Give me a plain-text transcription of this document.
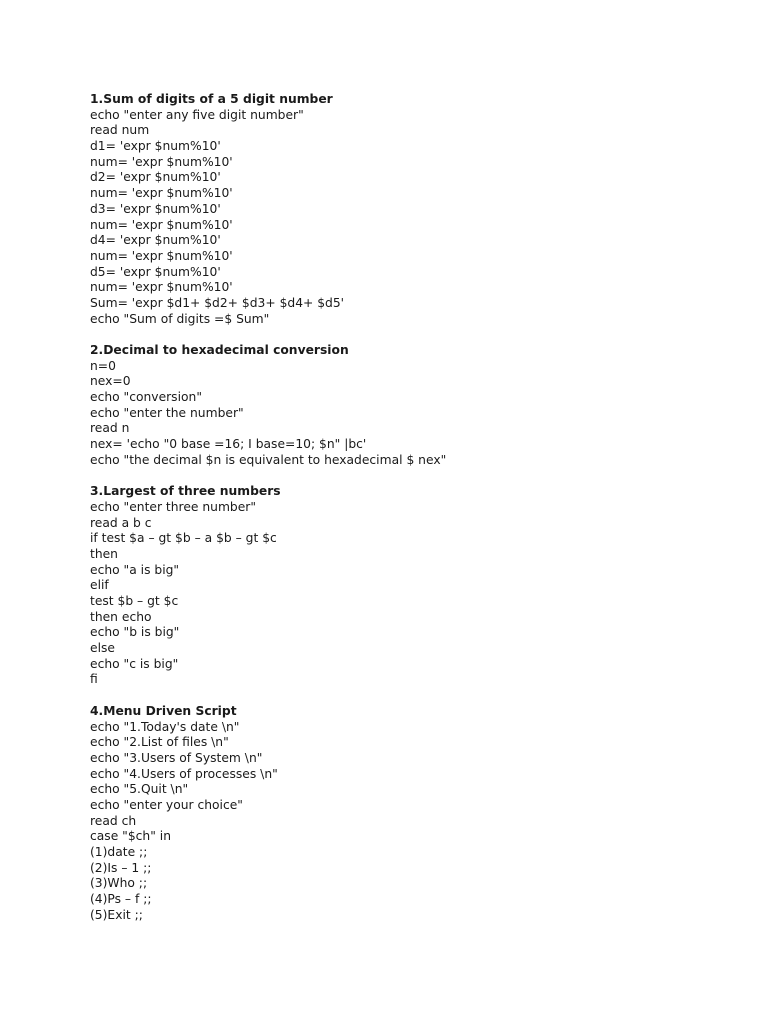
1.Sum of digits of a 5 digit number
echo "enter any five digit number"
read num
d1= 'expr $num%10'
num= 'expr $num%10'
d2= 'expr $num%10'
num= 'expr $num%10'
d3= 'expr $num%10'
num= 'expr $num%10'
d4= 'expr $num%10'
num= 'expr $num%10'
d5= 'expr $num%10'
num= 'expr $num%10'
Sum= 'expr $d1+ $d2+ $d3+ $d4+ $d5'
echo "Sum of digits =$ Sum"
2.Decimal to hexadecimal conversion
n=0
nex=0
echo "conversion"
echo "enter the number"
read n
nex= 'echo "0 base =16; I base=10; $n" |bc'
echo "the decimal $n is equivalent to hexadecimal $ nex"
3.Largest of three numbers
echo "enter three number"
read a b c
if test $a – gt $b – a $b – gt $c
then
echo "a is big"
elif
test $b – gt $c
then echo
echo "b is big"
else
echo "c is big"
fi
4.Menu Driven Script
echo "1.Today's date \n"
echo "2.List of files \n"
echo "3.Users of System \n"
echo "4.Users of processes \n"
echo "5.Quit \n"
echo "enter your choice"
read ch
case "$ch" in
(1)date ;;
(2)Is – 1 ;;
(3)Who ;;
(4)Ps – f ;;
(5)Exit ;;
